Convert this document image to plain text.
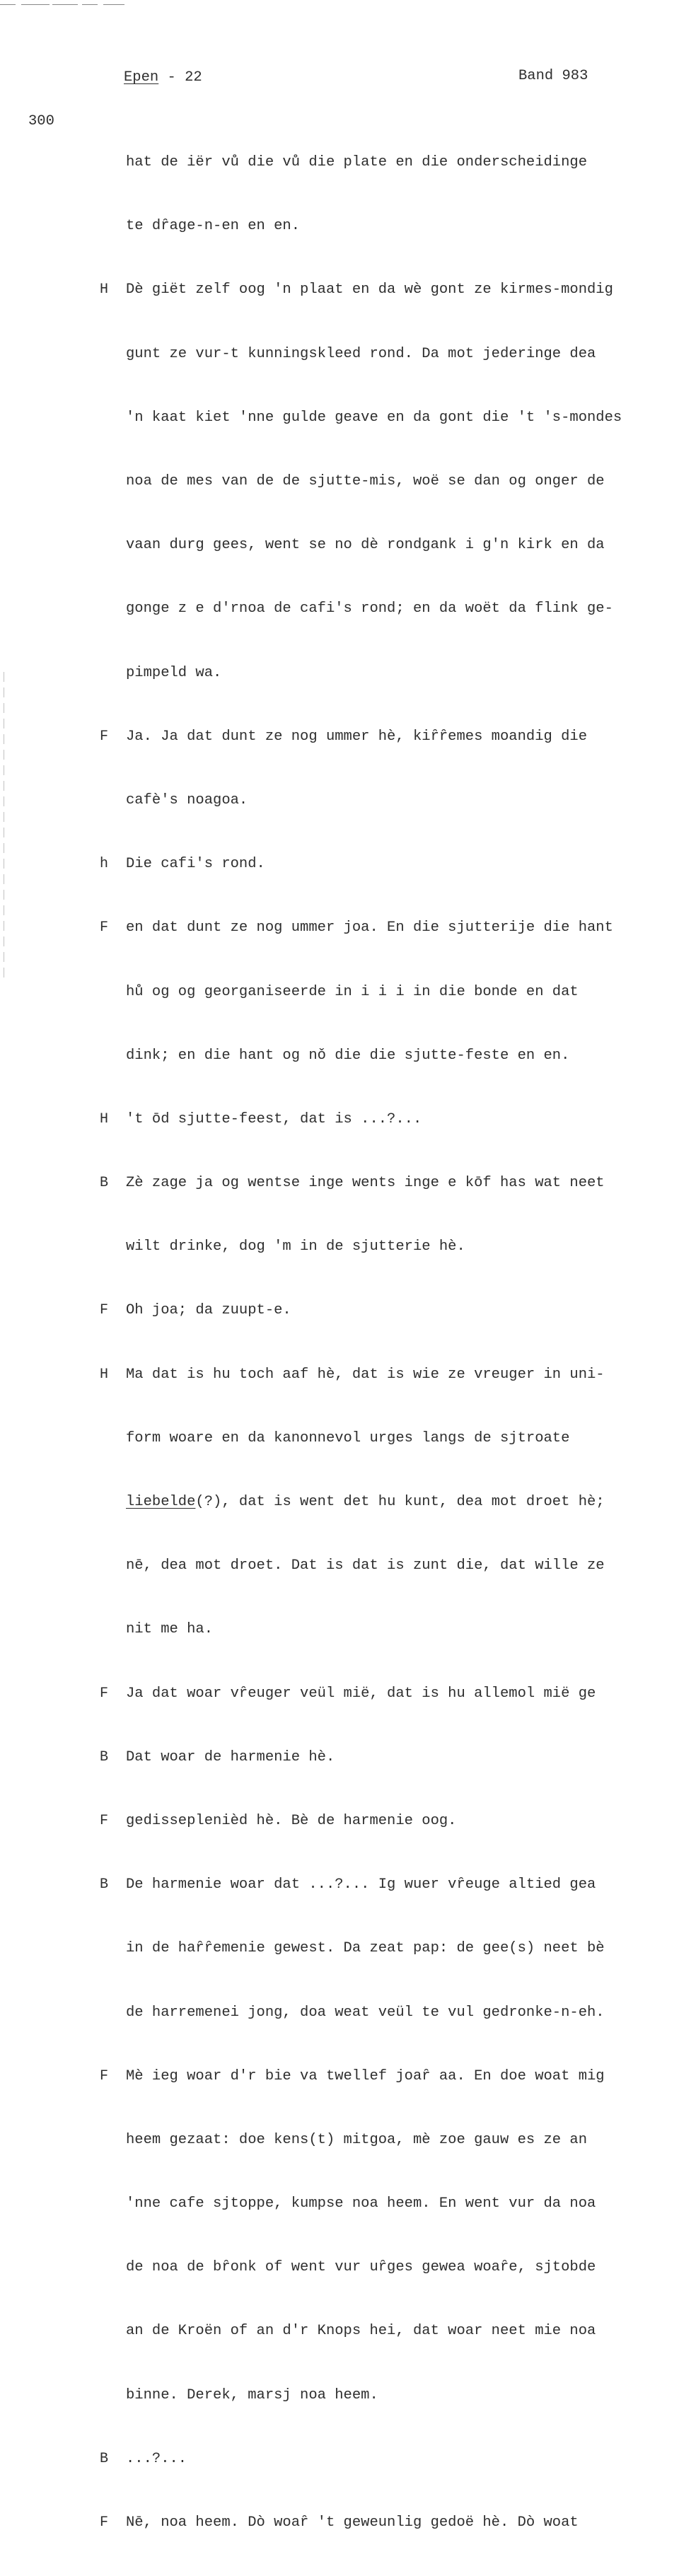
Epen - 22	Band 983
300

hat de iër vů die vů die plate en die onderscheidinge

te dȓage-n-en en en.

H	Dè giët zelf oog 'n plaat en da wè gont ze kirmes-mondig

gunt ze vur-t kunningskleed rond. Da mot jederinge dea

'n kaat kiet 'nne gulde geave en da gont die 't 's-mondes

noa de mes van de de sjutte-mis, woë se dan og onger de

vaan durg gees, went se no dè rondgank i g'n kirk en da

gonge z e d'rnoa de cafi's rond; en da woët da flink ge-

pimpeld wa.

F	Ja. Ja dat dunt ze nog ummer hè, kiȓȓemes moandig die

cafè's noagoa.

h	Die cafi's rond.

F	en dat dunt ze nog ummer joa. En die sjutterije die hant

hů og og georganiseerde in i i i in die bonde en dat

dink; en die hant og nǒ die die sjutte-feste en en.

H	't ōd sjutte-feest, dat is ...?...

B	Zè zage ja og wentse inge wents inge e kōf has wat neet

wilt drinke, dog 'm in de sjutterie hè.

F	Oh joa; da zuupt-e.

H	Ma dat is hu toch aaf hè, dat is wie ze vreuger in uni-

form woare en da kanonnevol urges langs de sjtroate

liebelde(?), dat is went det hu kunt, dea mot droet hè;

nē, dea mot droet. Dat is dat is zunt die, dat wille ze

nit me ha.

F	Ja dat woar vȓeuger veül mië, dat is hu allemol mië ge

B	Dat woar de harmenie hè.

F	gedisseplenièd hè. Bè de harmenie oog.

B	De harmenie woar dat ...?... Ig wuer vȓeuge altied gea

in de haȓȓemenie gewest. Da zeat pap: de gee(s) neet bè

de harremenei jong, doa weat veül te vul gedronke-n-eh.

F	Mè ieg woar d'r bie va twellef joaȓ aa. En doe woat mig

heem gezaat: doe kens(t) mitgoa, mè zoe gauw es ze an

'nne cafe sjtoppe, kumpse noa heem. En went vur da noa

de noa de bȓonk of went vur uȓges gewea woaȓe, sjtobde

an de Kroën of an d'r Knops hei, dat woar neet mie noa

binne. Derek, marsj noa heem.

B	...?...

F	Nē, noa heem. Dò woaȓ 't geweunlig gedoë hè. Dò woat
